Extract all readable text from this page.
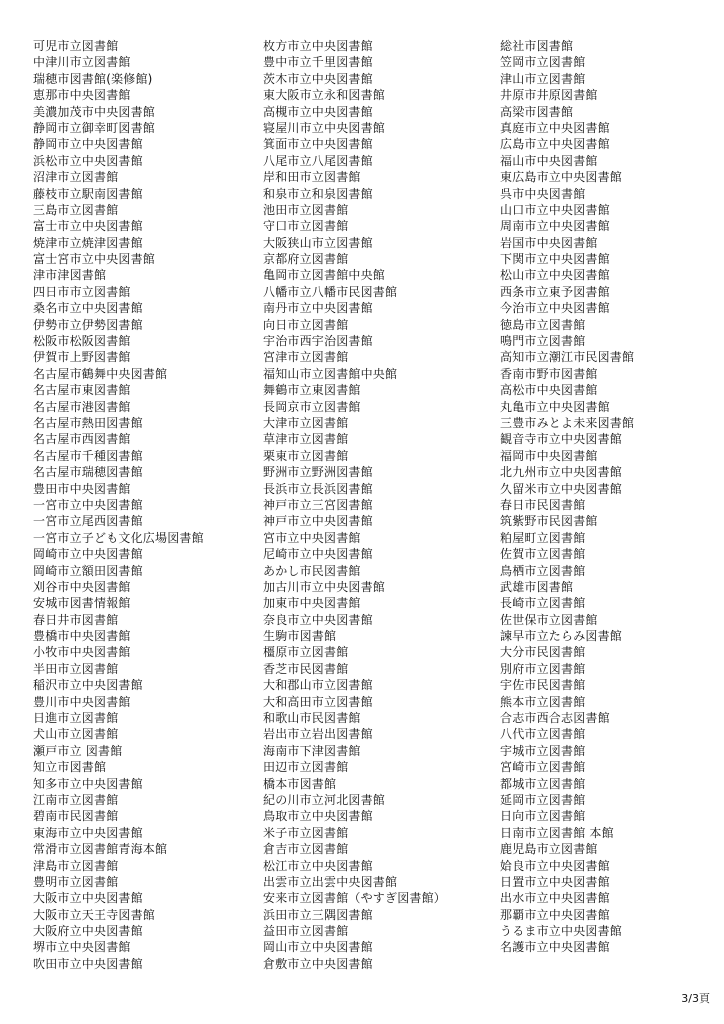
可児市立図書館
中津川市立図書館
瑞穂市図書館(楽修館)
恵那市中央図書館
美濃加茂市中央図書館
静岡市立御幸町図書館
静岡市立中央図書館
浜松市立中央図書館
沼津市立図書館
藤枝市立駅南図書館
三島市立図書館
富士市立中央図書館
焼津市立焼津図書館
富士宮市立中央図書館
津市津図書館
四日市市立図書館
桑名市立中央図書館
伊勢市立伊勢図書館
松阪市松阪図書館
伊賀市上野図書館
名古屋市鶴舞中央図書館
名古屋市東図書館
名古屋市港図書館
名古屋市熱田図書館
名古屋市西図書館
名古屋市千種図書館
名古屋市瑞穂図書館
豊田市中央図書館
一宮市立中央図書館
一宮市立尾西図書館
一宮市立子ども文化広場図書館
岡崎市立中央図書館
岡崎市立額田図書館
刈谷市中央図書館
安城市図書情報館
春日井市図書館
豊橋市中央図書館
小牧市中央図書館
半田市立図書館
稲沢市立中央図書館
豊川市中央図書館
日進市立図書館
犬山市立図書館
瀬戸市立 図書館
知立市図書館
知多市立中央図書館
江南市立図書館
碧南市民図書館
東海市立中央図書館
常滑市立図書館青海本館
津島市立図書館
豊明市立図書館
大阪市立中央図書館
大阪市立天王寺図書館
大阪府立中央図書館
堺市立中央図書館
吹田市立中央図書館
枚方市立中央図書館
豊中市立千里図書館
茨木市立中央図書館
東大阪市立永和図書館
高槻市立中央図書館
寝屋川市立中央図書館
箕面市立中央図書館
八尾市立八尾図書館
岸和田市立図書館
和泉市立和泉図書館
池田市立図書館
守口市立図書館
大阪狭山市立図書館
京都府立図書館
亀岡市立図書館中央館
八幡市立八幡市民図書館
南丹市立中央図書館
向日市立図書館
宇治市西宇治図書館
宮津市立図書館
福知山市立図書館中央館
舞鶴市立東図書館
長岡京市立図書館
大津市立図書館
草津市立図書館
栗東市立図書館
野洲市立野洲図書館
長浜市立長浜図書館
神戸市立三宮図書館
神戸市立中央図書館
宮市立中央図書館
尼崎市立中央図書館
あかし市民図書館
加古川市立中央図書館
加東市中央図書館
奈良市立中央図書館
生駒市図書館
橿原市立図書館
香芝市民図書館
大和郡山市立図書館
大和高田市立図書館
和歌山市民図書館
岩出市立岩出図書館
海南市下津図書館
田辺市立図書館
橋本市図書館
紀の川市立河北図書館
鳥取市立中央図書館
米子市立図書館
倉吉市立図書館
松江市立中央図書館
出雲市立出雲中央図書館
安来市立図書館（やすぎ図書館）
浜田市立三隅図書館
益田市立図書館
岡山市立中央図書館
倉敷市立中央図書館
総社市図書館
笠岡市立図書館
津山市立図書館
井原市井原図書館
高梁市図書館
真庭市立中央図書館
広島市立中央図書館
福山市中央図書館
東広島市立中央図書館
呉市中央図書館
山口市立中央図書館
周南市立中央図書館
岩国市中央図書館
下関市立中央図書館
松山市立中央図書館
西条市立東予図書館
今治市立中央図書館
徳島市立図書館
鳴門市立図書館
高知市立潮江市民図書館
香南市野市図書館
高松市中央図書館
丸亀市立中央図書館
三豊市みとよ未来図書館
観音寺市立中央図書館
福岡市中央図書館
北九州市立中央図書館
久留米市立中央図書館
春日市民図書館
筑紫野市民図書館
粕屋町立図書館
佐賀市立図書館
鳥栖市立図書館
武雄市図書館
長崎市立図書館
佐世保市立図書館
諫早市立たらみ図書館
大分市民図書館
別府市立図書館
宇佐市民図書館
熊本市立図書館
合志市西合志図書館
八代市立図書館
宇城市立図書館
宮崎市立図書館
都城市立図書館
延岡市立図書館
日向市立図書館
日南市立図書館 本館
鹿児島市立図書館
姶良市立中央図書館
日置市立中央図書館
出水市立中央図書館
那覇市立中央図書館
うるま市立中央図書館
名護市立中央図書館
3/3頁
